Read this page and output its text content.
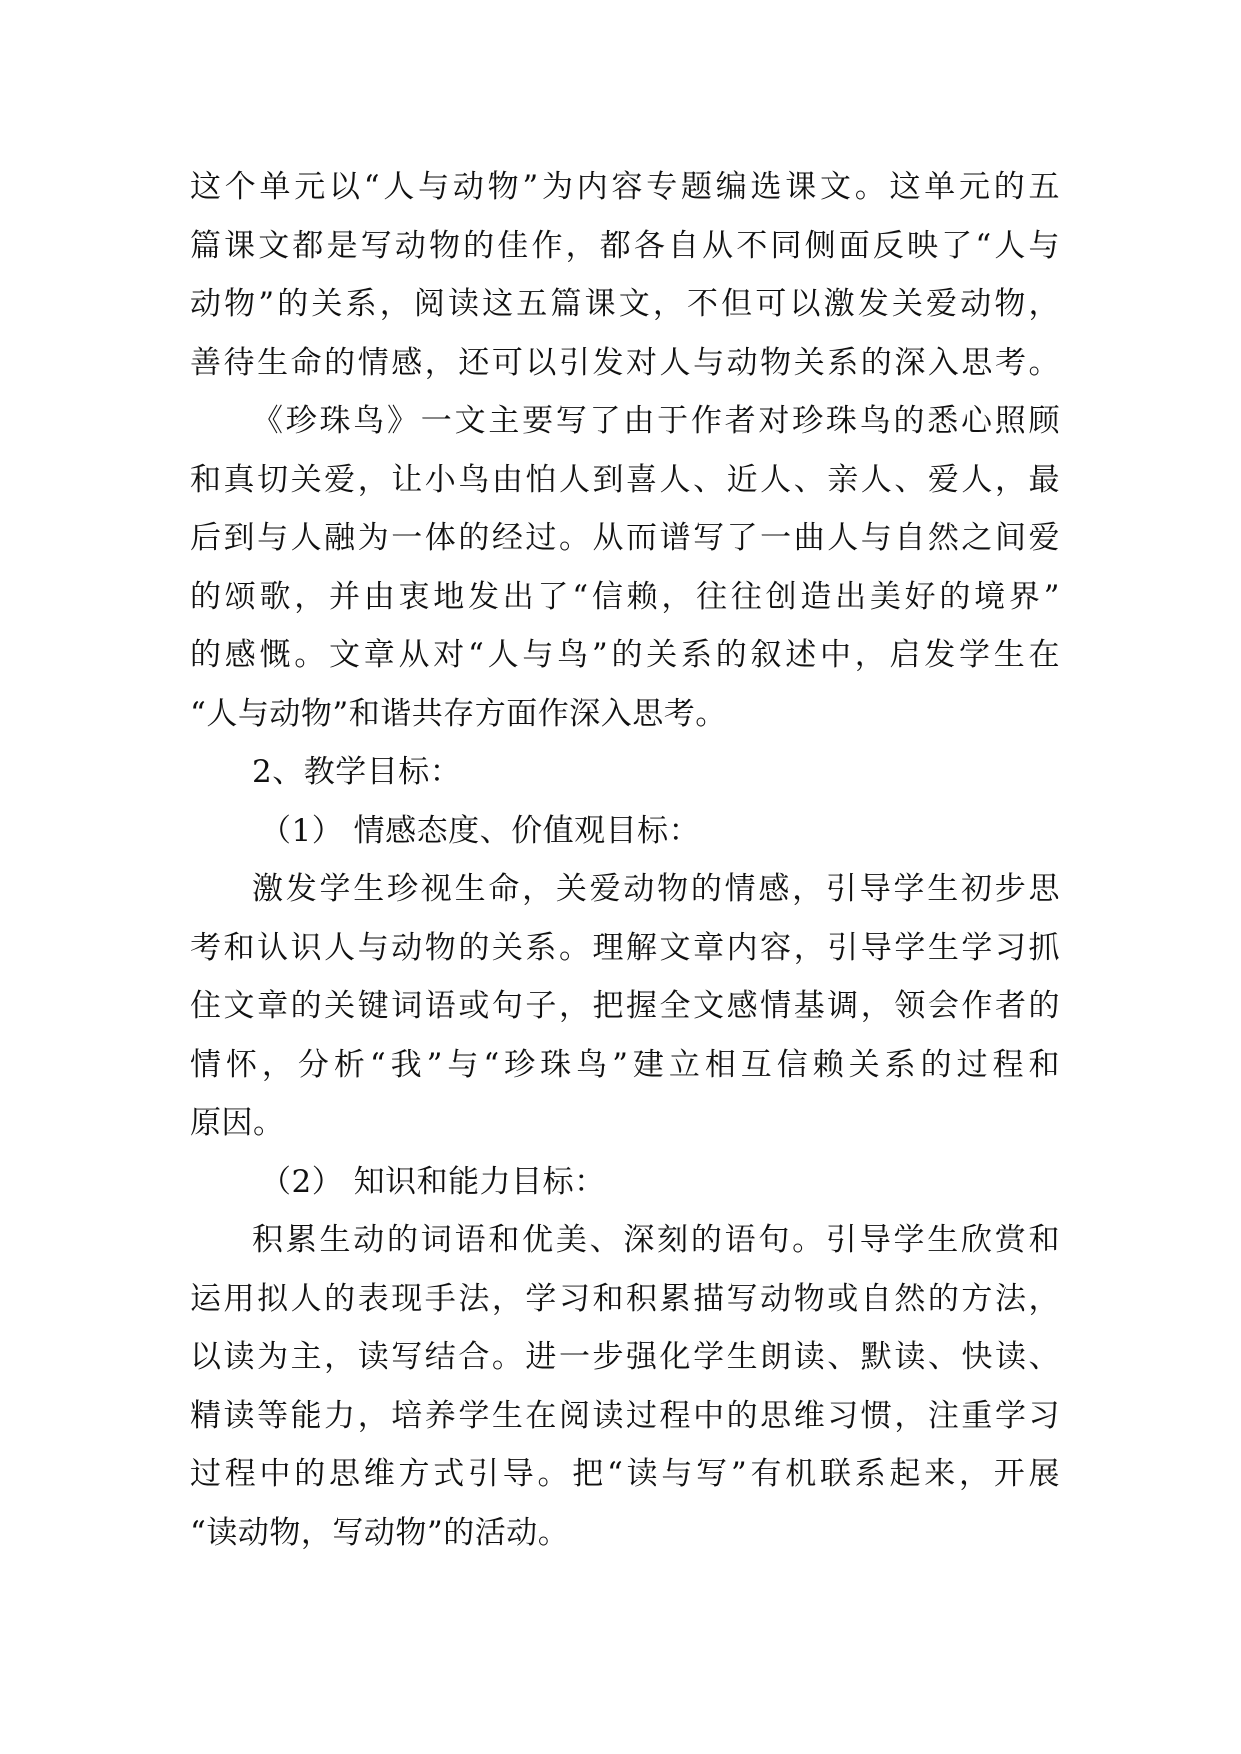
这个单元以“人与动物”为内容专题编选课文。这单元的五
篇课文都是写动物的佳作，都各自从不同侧面反映了“人与
动物”的关系，阅读这五篇课文，不但可以激发关爱动物，
善待生命的情感，还可以引发对人与动物关系的深入思考。
《珍珠鸟》一文主要写了由于作者对珍珠鸟的悉心照顾
和真切关爱，让小鸟由怕人到喜人、近人、亲人、爱人，最
后到与人融为一体的经过。从而谱写了一曲人与自然之间爱
的颂歌，并由衷地发出了“信赖，往往创造出美好的境界”
的感慨。文章从对“人与鸟”的关系的叙述中，启发学生在
“人与动物”和谐共存方面作深入思考。
2、教学目标：
（1） 情感态度、价值观目标：
激发学生珍视生命，关爱动物的情感，引导学生初步思
考和认识人与动物的关系。理解文章内容，引导学生学习抓
住文章的关键词语或句子，把握全文感情基调，领会作者的
情怀，分析“我”与“珍珠鸟”建立相互信赖关系的过程和
原因。
（2） 知识和能力目标：
积累生动的词语和优美、深刻的语句。引导学生欣赏和
运用拟人的表现手法，学习和积累描写动物或自然的方法，
以读为主，读写结合。进一步强化学生朗读、默读、快读、
精读等能力，培养学生在阅读过程中的思维习惯，注重学习
过程中的思维方式引导。把“读与写”有机联系起来，开展
“读动物，写动物”的活动。
